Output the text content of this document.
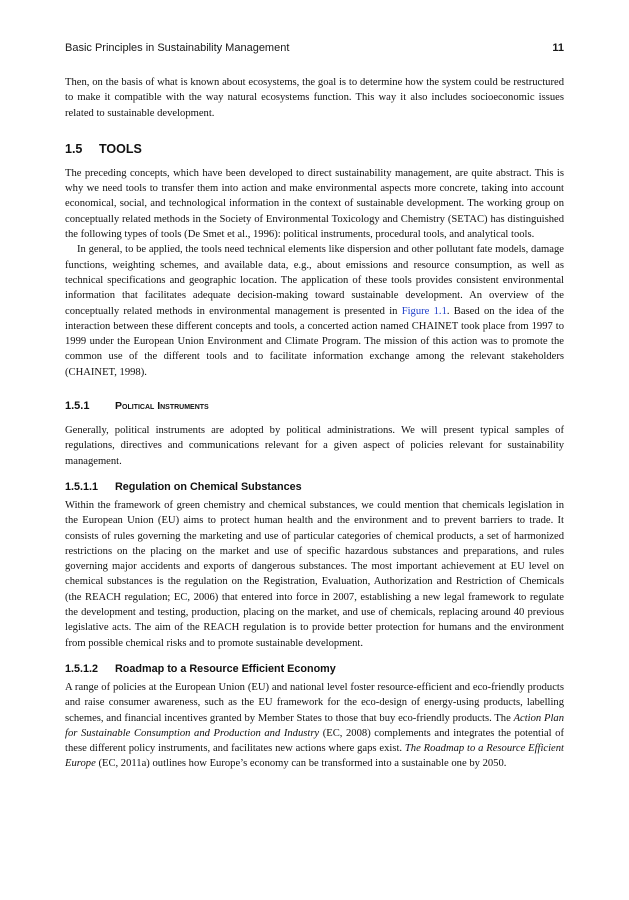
Basic Principles in Sustainability Management	11

Then, on the basis of what is known about ecosystems, the goal is to determine how the system could be restructured to make it compatible with the way natural ecosystems function. This way it also includes socioeconomic issues related to sustainable development.

1.5 TOOLS

The preceding concepts, which have been developed to direct sustainability management, are quite abstract. This is why we need tools to transfer them into action and make environmental aspects more concrete, taking into account economical, social, and technological information in the context of sustainable development. The working group on conceptually related methods in the Society of Environmental Toxicology and Chemistry (SETAC) has distinguished the following types of tools (De Smet et al., 1996): political instruments, procedural tools, and analytical tools.

In general, to be applied, the tools need technical elements like dispersion and other pollutant fate models, damage functions, weighting schemes, and available data, e.g., about emissions and resource consumption, as well as technical specifications and geographic location. The application of these tools provides consistent environmental information that facilitates adequate decision-making toward sustainable development. An overview of the conceptually related methods in environmental management is presented in Figure 1.1. Based on the idea of the interaction between these different concepts and tools, a concerted action named CHAINET took place from 1997 to 1999 under the European Union Environment and Climate Program. The mission of this action was to promote the common use of the different tools and to facilitate information exchange among the relevant stakeholders (CHAINET, 1998).

1.5.1 Political Instruments

Generally, political instruments are adopted by political administrations. We will present typical samples of regulations, directives and communications relevant for a given aspect of policies relevant for sustainability management.

1.5.1.1 Regulation on Chemical Substances

Within the framework of green chemistry and chemical substances, we could mention that chemicals legislation in the European Union (EU) aims to protect human health and the environment and to prevent barriers to trade. It consists of rules governing the marketing and use of particular categories of chemical products, a set of harmonized restrictions on the placing on the market and use of specific hazardous substances and preparations, and rules governing major accidents and exports of dangerous substances. The most important achievement at EU level on chemical substances is the regulation on the Registration, Evaluation, Authorization and Restriction of Chemicals (the REACH regulation; EC, 2006) that entered into force in 2007, establishing a new legal framework to regulate the development and testing, production, placing on the market, and use of chemicals, replacing around 40 previous legislative acts. The aim of the REACH regulation is to provide better protection for humans and the environment from possible chemical risks and to promote sustainable development.

1.5.1.2 Roadmap to a Resource Efficient Economy

A range of policies at the European Union (EU) and national level foster resource-efficient and eco-friendly products and raise consumer awareness, such as the EU framework for the eco-design of energy-using products, labelling schemes, and financial incentives granted by Member States to those that buy eco-friendly products. The Action Plan for Sustainable Consumption and Production and Industry (EC, 2008) complements and integrates the potential of these different policy instruments, and facilitates new actions where gaps exist. The Roadmap to a Resource Efficient Europe (EC, 2011a) outlines how Europe’s economy can be transformed into a sustainable one by 2050.
